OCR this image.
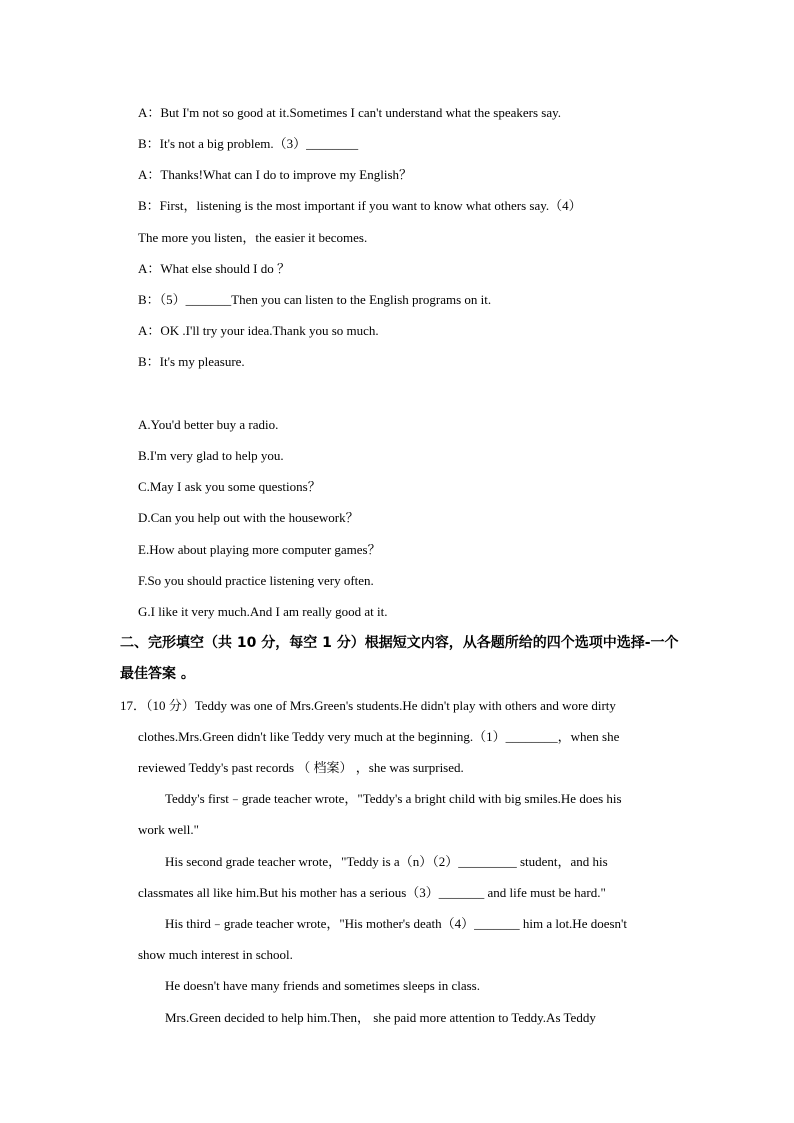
A：But I'm not so good at it.Sometimes I can't understand what the speakers say.
B：It's not a big problem.（3）________
A：Thanks!What can I do to improve my English？
B：First，listening is the most important if you want to know what others say.（4）
The more you listen，the easier it becomes.
A：What else should I do ？
B：（5）_______Then you can listen to the English programs on it.
A：OK .I'll try your idea.Thank you so much.
B：It's my pleasure.
A.You'd better buy a radio.
B.I'm very glad to help you.
C.May I ask you some questions？
D.Can you help out with the housework？
E.How about playing more computer games？
F.So you should practice listening very often.
G.I like it very much.And I am really good at it.
二、完形填空（共 10 分，每空 1 分）根据短文内容，从各题所给的四个选项中选择-一个
最佳答案 。
17．（10 分）Teddy was one of Mrs.Green's students.He didn't play with others and wore dirty
clothes.Mrs.Green didn't like Teddy very much at the beginning.（1）________，when she
reviewed Teddy's past records （ 档案） ，she was surprised.
Teddy's first﹣grade teacher wrote，"Teddy's a bright child with big smiles.He does his
work well."
His second grade teacher wrote，"Teddy is a（n）（2）_________ student，and his
classmates all like him.But his mother has a serious（3）_______ and life must be hard."
His third﹣grade teacher wrote，"His mother's death（4）_______ him a lot.He doesn't
show much interest in school.
He doesn't have many friends and sometimes sleeps in class.
Mrs.Green decided to help him.Then， she paid more attention to Teddy.As Teddy
